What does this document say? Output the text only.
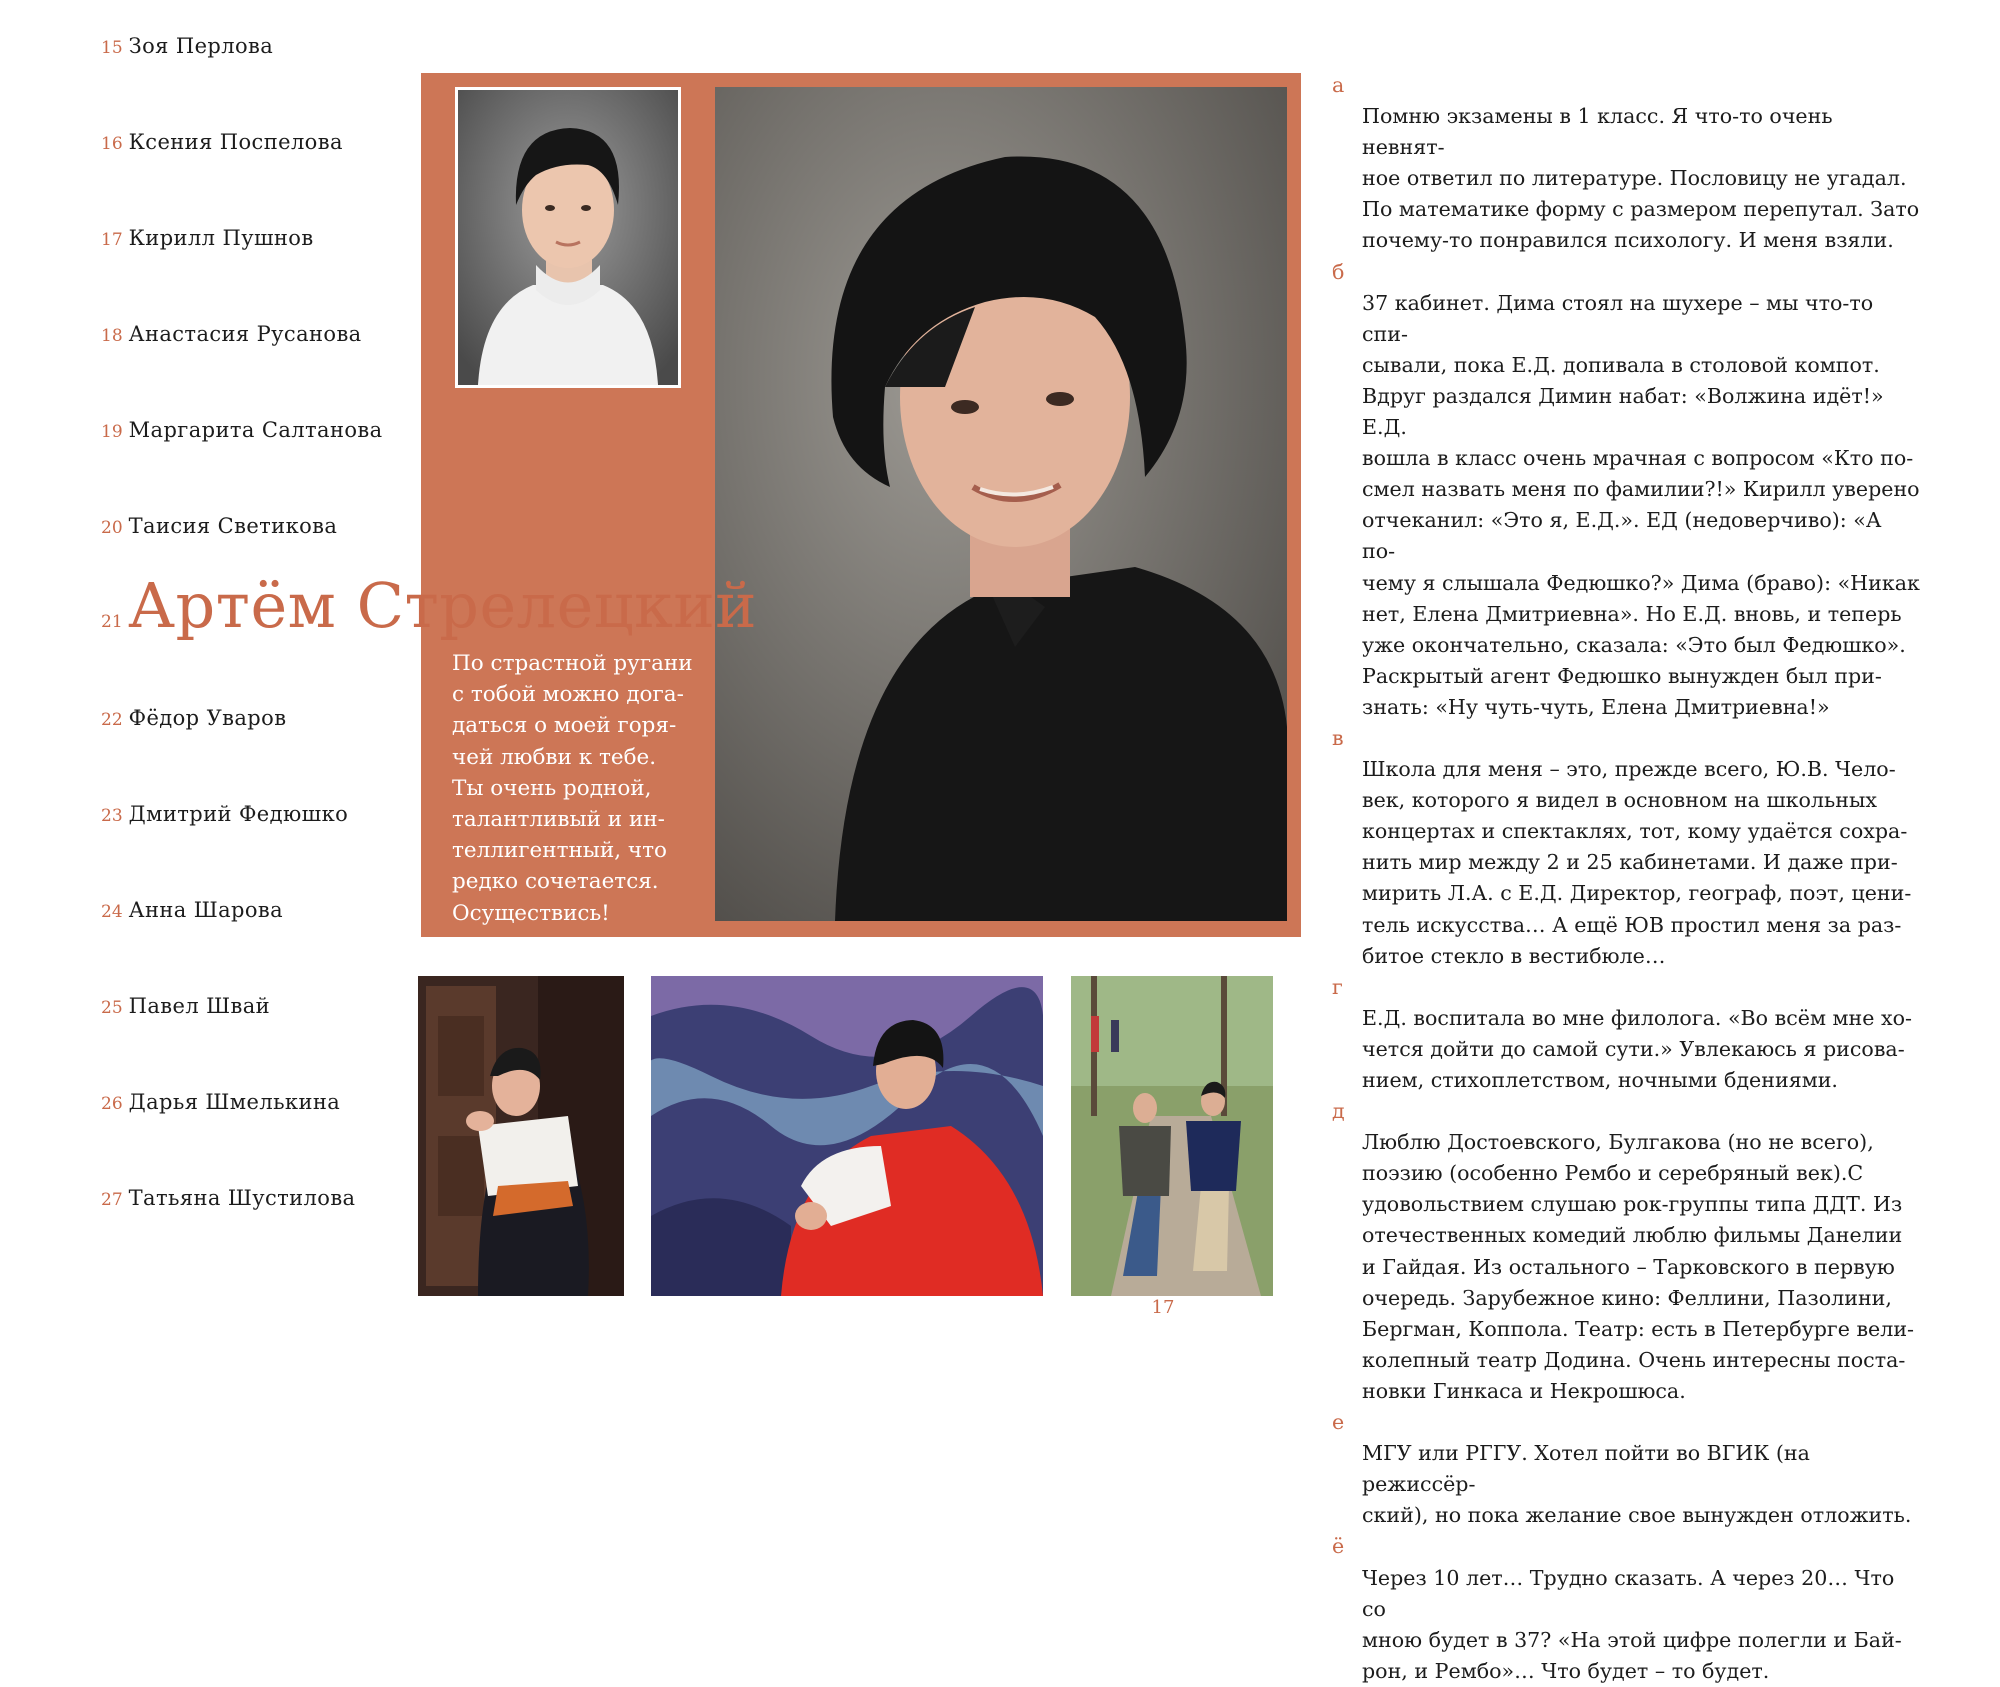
15 Зоя Перлова
16 Ксения Поспелова
17 Кирилл Пушнов
18 Анастасия Русанова
19 Маргарита Салтанова
20 Таисия Светикова
22 Фёдор Уваров
23 Дмитрий Федюшко
24 Анна Шарова
25 Павел Швай
26 Дарья Шмелькина
27 Татьяна Шустилова
21 Артём Стрелецкий
По страстной ругани
с тобой можно дога-
даться о моей горя-
чей любви к тебе.
Ты очень родной,
талантливый и ин-
теллигентный, что
редко сочетается.
Осуществись!
17

а
Помню экзамены в 1 класс. Я что-то очень невнят-
ное ответил по литературе. Пословицу не угадал.
По математике форму с размером перепутал. Зато
почему-то понравился психологу. И меня взяли.

б
37 кабинет. Дима стоял на шухере – мы что-то спи-
сывали, пока Е.Д. допивала в столовой компот.
Вдруг раздался Димин набат: «Волжина идёт!» Е.Д.
вошла в класс очень мрачная с вопросом «Кто по-
смел назвать меня по фамилии?!» Кирилл уверено
отчеканил: «Это я, Е.Д.». ЕД (недоверчиво): «А по-
чему я слышала Федюшко?» Дима (браво): «Никак
нет, Елена Дмитриевна». Но Е.Д. вновь, и теперь
уже окончательно, сказала: «Это был Федюшко».
Раскрытый агент Федюшко вынужден был при-
знать: «Ну чуть-чуть, Елена Дмитриевна!»

в
Школа для меня – это, прежде всего, Ю.В. Чело-
век, которого я видел в основном на школьных
концертах и спектаклях, тот, кому удаётся сохра-
нить мир между 2 и 25 кабинетами. И даже при-
мирить Л.А. с Е.Д. Директор, географ, поэт, цени-
тель искусства… А ещё ЮВ простил меня за раз-
битое стекло в вестибюле…

г
Е.Д. воспитала во мне филолога. «Во всём мне хо-
чется дойти до самой сути.» Увлекаюсь я рисова-
нием, стихоплетством, ночными бдениями.

д
Люблю Достоевского, Булгакова (но не всего),
поэзию (особенно Рембо и серебряный век).С
удовольствием слушаю рок-группы типа ДДТ. Из
отечественных комедий люблю фильмы Данелии
и Гайдая. Из остального – Тарковского в первую
очередь. Зарубежное кино: Феллини, Пазолини,
Бергман, Коппола. Театр: есть в Петербурге вели-
колепный театр Додина. Очень интересны поста-
новки Гинкаса и Некрошюса.

е
МГУ или РГГУ. Хотел пойти во ВГИК (на режиссёр-
ский), но пока желание свое вынужден отложить.

ё
Через 10 лет… Трудно сказать. А через 20… Что со
мною будет в 37? «На этой цифре полегли и Бай-
рон, и Рембо»… Что будет – то будет.
